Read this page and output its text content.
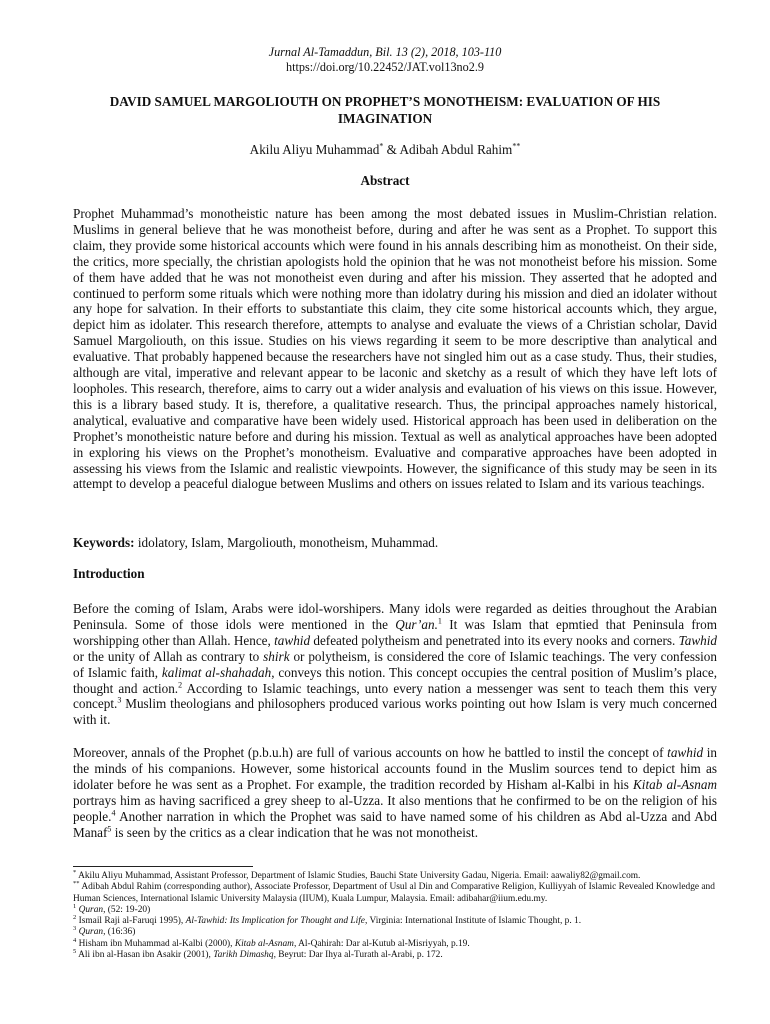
Jurnal Al-Tamaddun, Bil. 13 (2), 2018, 103-110
https://doi.org/10.22452/JAT.vol13no2.9
DAVID SAMUEL MARGOLIOUTH ON PROPHET’S MONOTHEISM: EVALUATION OF HIS IMAGINATION
Akilu Aliyu Muhammad* & Adibah Abdul Rahim**
Abstract
Prophet Muhammad’s monotheistic nature has been among the most debated issues in Muslim-Christian relation. Muslims in general believe that he was monotheist before, during and after he was sent as a Prophet. To support this claim, they provide some historical accounts which were found in his annals describing him as monotheist. On their side, the critics, more specially, the christian apologists hold the opinion that he was not monotheist before his mission. Some of them have added that he was not monotheist even during and after his mission. They asserted that he adopted and continued to perform some rituals which were nothing more than idolatry during his mission and died an idolater without any hope for salvation. In their efforts to substantiate this claim, they cite some historical accounts which, they argue, depict him as idolater. This research therefore, attempts to analyse and evaluate the views of a Christian scholar, David Samuel Margoliouth, on this issue. Studies on his views regarding it seem to be more descriptive than analytical and evaluative. That probably happened because the researchers have not singled him out as a case study. Thus, their studies, although are vital, imperative and relevant appear to be laconic and sketchy as a result of which they have left lots of loopholes. This research, therefore, aims to carry out a wider analysis and evaluation of his views on this issue. However, this is a library based study. It is, therefore, a qualitative research. Thus, the principal approaches namely historical, analytical, evaluative and comparative have been widely used. Historical approach has been used in deliberation on the Prophet’s monotheistic nature before and during his mission. Textual as well as analytical approaches have been adopted in exploring his views on the Prophet’s monotheism. Evaluative and comparative approaches have been adopted in assessing his views from the Islamic and realistic viewpoints. However, the significance of this study may be seen in its attempt to develop a peaceful dialogue between Muslims and others on issues related to Islam and its various teachings.
Keywords: idolatory, Islam, Margoliouth, monotheism, Muhammad.
Introduction
Before the coming of Islam, Arabs were idol-worshipers. Many idols were regarded as deities throughout the Arabian Peninsula. Some of those idols were mentioned in the Qur’an.$^1$ It was Islam that epmtied that Peninsula from worshipping other than Allah. Hence, tawhid defeated polytheism and penetrated into its every nooks and corners. Tawhid or the unity of Allah as contrary to shirk or polytheism, is considered the core of Islamic teachings. The very confession of Islamic faith, kalimat al-shahadah, conveys this notion. This concept occupies the central position of Muslim’s place, thought and action.$^2$ According to Islamic teachings, unto every nation a messenger was sent to teach them this very concept.$^3$ Muslim theologians and philosophers produced various works pointing out how Islam is very much concerned with it.
Moreover, annals of the Prophet (p.b.u.h) are full of various accounts on how he battled to instil the concept of tawhid in the minds of his companions. However, some historical accounts found in the Muslim sources tend to depict him as idolater before he was sent as a Prophet. For example, the tradition recorded by Hisham al-Kalbi in his Kitab al-Asnam portrays him as having sacrificed a grey sheep to al-Uzza. It also mentions that he confirmed to be on the religion of his people.$^4$ Another narration in which the Prophet was said to have named some of his children as Abd al-Uzza and Abd Manaf$^5$ is seen by the critics as a clear indication that he was not monotheist.
* Akilu Aliyu Muhammad, Assistant Professor, Department of Islamic Studies, Bauchi State University Gadau, Nigeria. Email: aawaliy82@gmail.com.
** Adibah Abdul Rahim (corresponding author), Associate Professor, Department of Usul al Din and Comparative Religion, Kulliyyah of Islamic Revealed Knowledge and Human Sciences, International Islamic University Malaysia (IIUM), Kuala Lumpur, Malaysia. Email: adibahar@iium.edu.my.
$^1$ Quran, (52: 19-20)
$^2$ Ismail Raji al-Faruqi 1995), Al-Tawhid: Its Implication for Thought and Life, Virginia: International Institute of Islamic Thought, p. 1.
$^3$ Quran, (16:36)
$^4$ Hisham ibn Muhammad al-Kalbi (2000), Kitab al-Asnam, Al-Qahirah: Dar al-Kutub al-Misriyyah, p.19.
$^5$ Ali ibn al-Hasan ibn Asakir (2001), Tarikh Dimashq, Beyrut: Dar Ihya al-Turath al-Arabi, p. 172.
